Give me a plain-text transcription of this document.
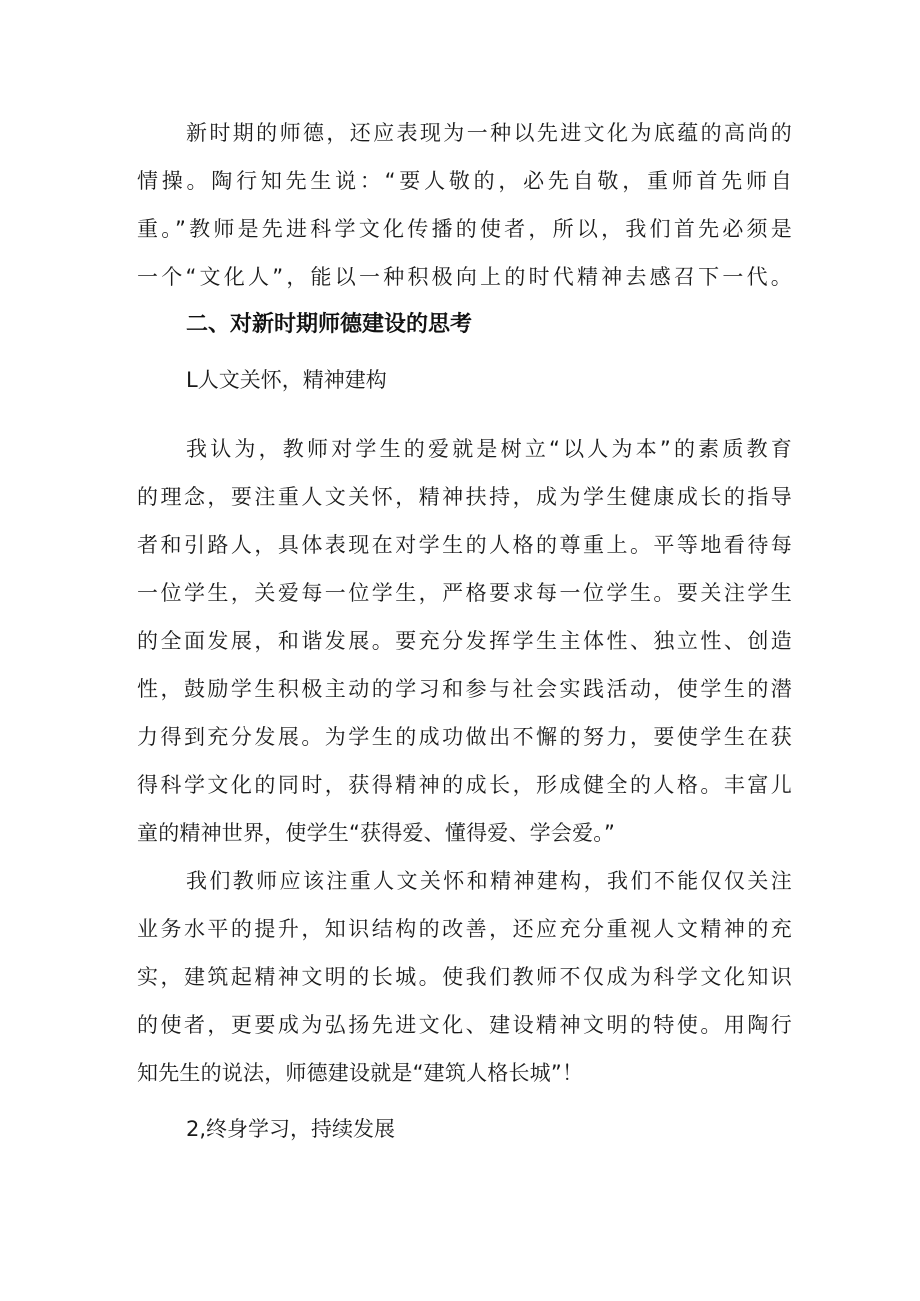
新时期的师德，还应表现为一种以先进文化为底蕴的高尚的
情操。陶行知先生说：“要人敬的，必先自敬，重师首先师自
重。”教师是先进科学文化传播的使者，所以，我们首先必须是
一个“文化人”，能以一种积极向上的时代精神去感召下一代。
二、对新时期师德建设的思考
L人文关怀，精神建构
我认为，教师对学生的爱就是树立“以人为本”的素质教育
的理念，要注重人文关怀，精神扶持，成为学生健康成长的指导
者和引路人，具体表现在对学生的人格的尊重上。平等地看待每
一位学生，关爱每一位学生，严格要求每一位学生。要关注学生
的全面发展，和谐发展。要充分发挥学生主体性、独立性、创造
性，鼓励学生积极主动的学习和参与社会实践活动，使学生的潜
力得到充分发展。为学生的成功做出不懈的努力，要使学生在获
得科学文化的同时，获得精神的成长，形成健全的人格。丰富儿
童的精神世界，使学生“获得爱、懂得爱、学会爱。”
我们教师应该注重人文关怀和精神建构，我们不能仅仅关注
业务水平的提升，知识结构的改善，还应充分重视人文精神的充
实，建筑起精神文明的长城。使我们教师不仅成为科学文化知识
的使者，更要成为弘扬先进文化、建设精神文明的特使。用陶行
知先生的说法，师德建设就是“建筑人格长城”！
2,终身学习，持续发展
